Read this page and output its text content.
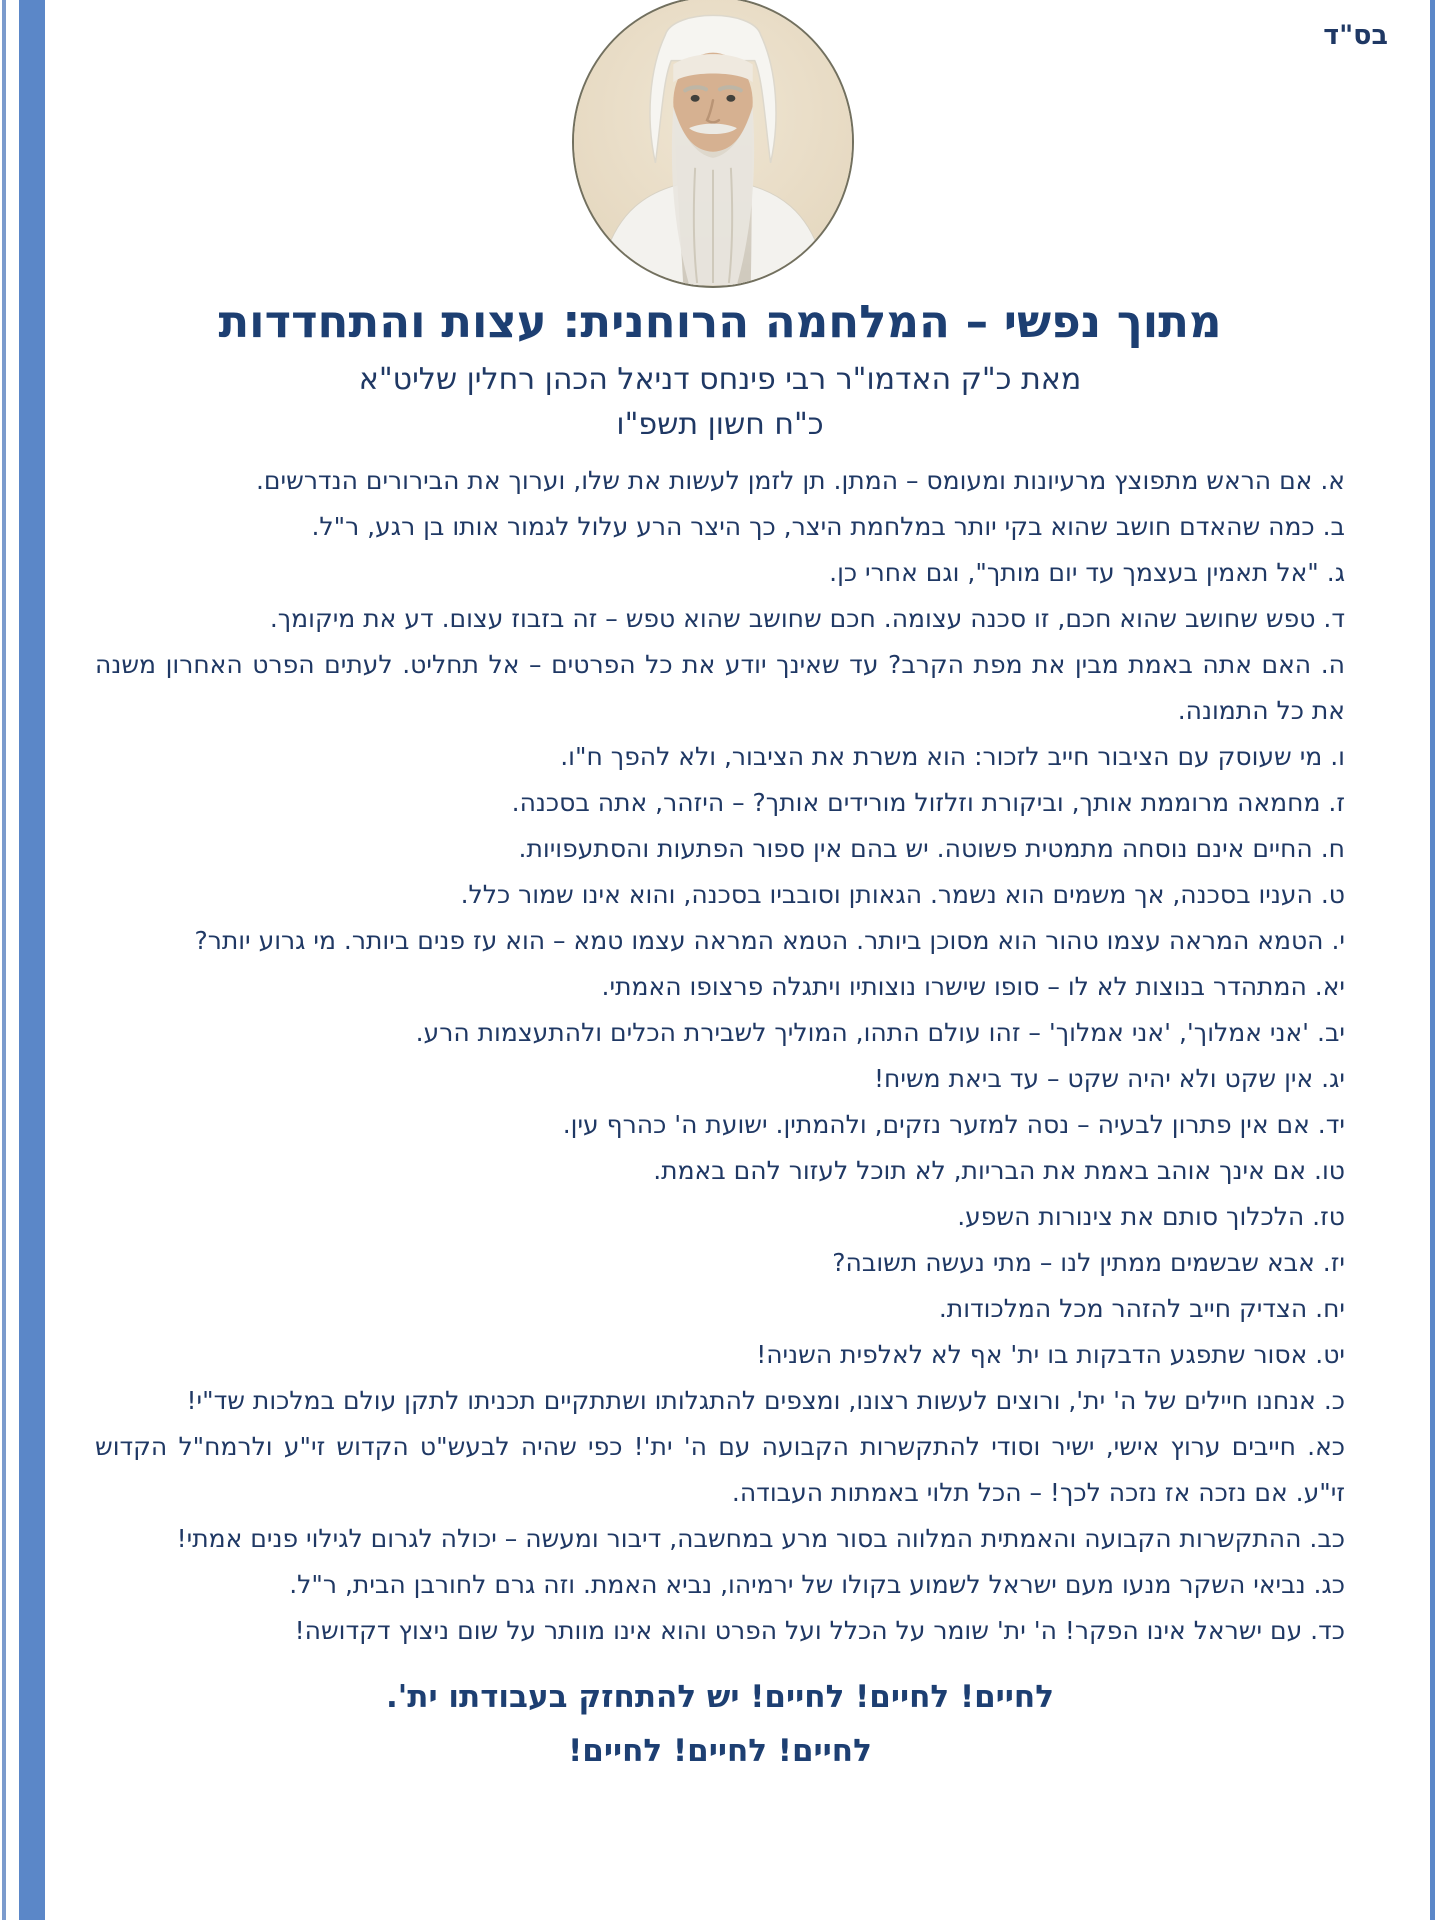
בס"ד
מתוך נפשי – המלחמה הרוחנית: עצות והתחדדות
מאת כ"ק האדמו"ר רבי פינחס דניאל הכהן רחלין שליט"א
כ"ח חשון תשפ"ו

א. אם הראש מתפוצץ מרעיונות ומעומס – המתן. תן לזמן לעשות את שלו, וערוך את הבירורים הנדרשים.

ב. כמה שהאדם חושב שהוא בקי יותר במלחמת היצר, כך היצר הרע עלול לגמור אותו בן רגע, ר"ל.

ג. "אל תאמין בעצמך עד יום מותך", וגם אחרי כן.

ד. טפש שחושב שהוא חכם, זו סכנה עצומה. חכם שחושב שהוא טפש – זה בזבוז עצום. דע את מיקומך.

ה. האם אתה באמת מבין את מפת הקרב? עד שאינך יודע את כל הפרטים – אל תחליט. לעתים הפרט האחרון משנה את כל התמונה.

ו. מי שעוסק עם הציבור חייב לזכור: הוא משרת את הציבור, ולא להפך ח"ו.

ז. מחמאה מרוממת אותך, וביקורת וזלזול מורידים אותך? – היזהר, אתה בסכנה.

ח. החיים אינם נוסחה מתמטית פשוטה. יש בהם אין ספור הפתעות והסתעפויות.

ט. העניו בסכנה, אך משמים הוא נשמר. הגאותן וסובביו בסכנה, והוא אינו שמור כלל.

י. הטמא המראה עצמו טהור הוא מסוכן ביותר. הטמא המראה עצמו טמא – הוא עז פנים ביותר. מי גרוע יותר?

יא. המתהדר בנוצות לא לו – סופו שישרו נוצותיו ויתגלה פרצופו האמתי.

יב. 'אני אמלוך', 'אני אמלוך' – זהו עולם התהו, המוליך לשבירת הכלים ולהתעצמות הרע.

יג. אין שקט ולא יהיה שקט – עד ביאת משיח!

יד. אם אין פתרון לבעיה – נסה למזער נזקים, ולהמתין. ישועת ה' כהרף עין.

טו. אם אינך אוהב באמת את הבריות, לא תוכל לעזור להם באמת.

טז. הלכלוך סותם את צינורות השפע.

יז. אבא שבשמים ממתין לנו – מתי נעשה תשובה?

יח. הצדיק חייב להזהר מכל המלכודות.

יט. אסור שתפגע הדבקות בו ית' אף לא לאלפית השניה!

כ. אנחנו חיילים של ה' ית', ורוצים לעשות רצונו, ומצפים להתגלותו ושתתקיים תכניתו לתקן עולם במלכות שד"י!

כא. חייבים ערוץ אישי, ישיר וסודי להתקשרות הקבועה עם ה' ית'! כפי שהיה לבעש"ט הקדוש זי"ע ולרמח"ל הקדוש זי"ע. אם נזכה אז נזכה לכך! – הכל תלוי באמתות העבודה.

כב. ההתקשרות הקבועה והאמתית המלווה בסור מרע במחשבה, דיבור ומעשה – יכולה לגרום לגילוי פנים אמתי!

כג. נביאי השקר מנעו מעם ישראל לשמוע בקולו של ירמיהו, נביא האמת. וזה גרם לחורבן הבית, ר"ל.

כד. עם ישראל אינו הפקר! ה' ית' שומר על הכלל ועל הפרט והוא אינו מוותר על שום ניצוץ דקדושה!

לחיים! לחיים! לחיים! יש להתחזק בעבודתו ית'.

לחיים! לחיים! לחיים!
